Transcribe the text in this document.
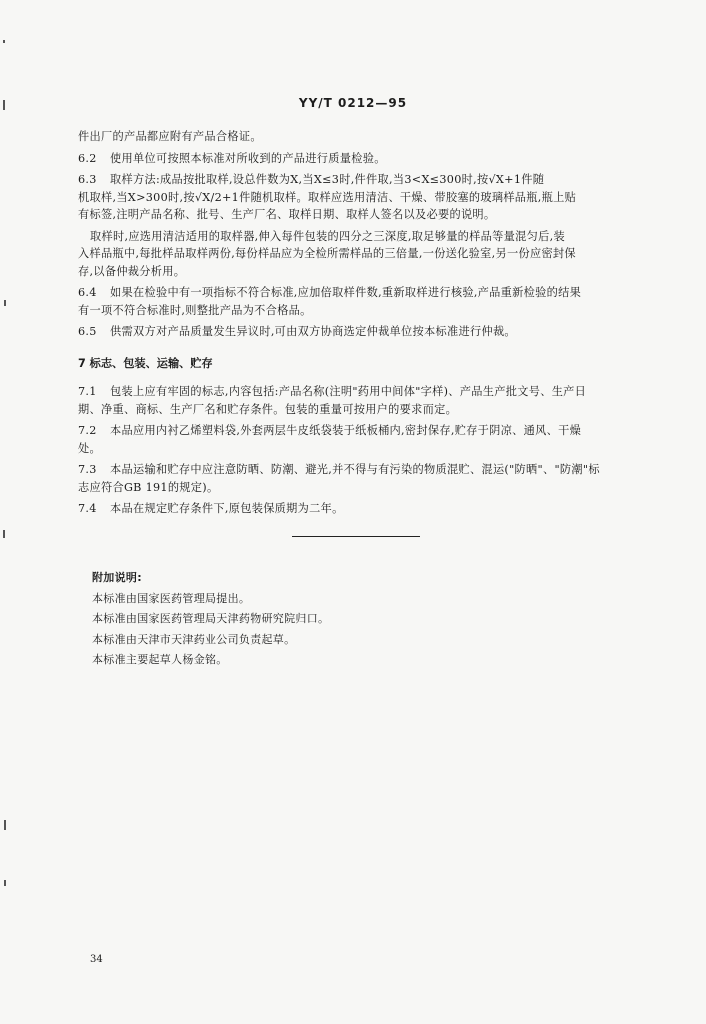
YY/T 0212—95
件出厂的产品都应附有产品合格证。
6.2 使用单位可按照本标准对所收到的产品进行质量检验。
6.3 取样方法:成品按批取样,设总件数为X,当X≤3时,件件取,当3<X≤300时,按√X+1件随
机取样,当X>300时,按√X/2+1件随机取样。取样应选用清洁、干燥、带胶塞的玻璃样品瓶,瓶上贴
有标签,注明产品名称、批号、生产厂名、取样日期、取样人签名以及必要的说明。
取样时,应选用清洁适用的取样器,伸入每件包装的四分之三深度,取足够量的样品等量混匀后,装
入样品瓶中,每批样品取样两份,每份样品应为全检所需样品的三倍量,一份送化验室,另一份应密封保
存,以备仲裁分析用。
6.4 如果在检验中有一项指标不符合标准,应加倍取样件数,重新取样进行核验,产品重新检验的结果
有一项不符合标准时,则整批产品为不合格品。
6.5 供需双方对产品质量发生异议时,可由双方协商选定仲裁单位按本标准进行仲裁。
7 标志、包装、运输、贮存
7.1 包装上应有牢固的标志,内容包括:产品名称(注明"药用中间体"字样)、产品生产批文号、生产日
期、净重、商标、生产厂名和贮存条件。包装的重量可按用户的要求而定。
7.2 本品应用内衬乙烯塑料袋,外套两层牛皮纸袋装于纸板桶内,密封保存,贮存于阴凉、通风、干燥
处。
7.3 本品运输和贮存中应注意防晒、防潮、避光,并不得与有污染的物质混贮、混运("防晒"、"防潮"标
志应符合GB 191的规定)。
7.4 本品在规定贮存条件下,原包装保质期为二年。
附加说明:
本标准由国家医药管理局提出。
本标准由国家医药管理局天津药物研究院归口。
本标准由天津市天津药业公司负责起草。
本标准主要起草人杨金铭。
34
